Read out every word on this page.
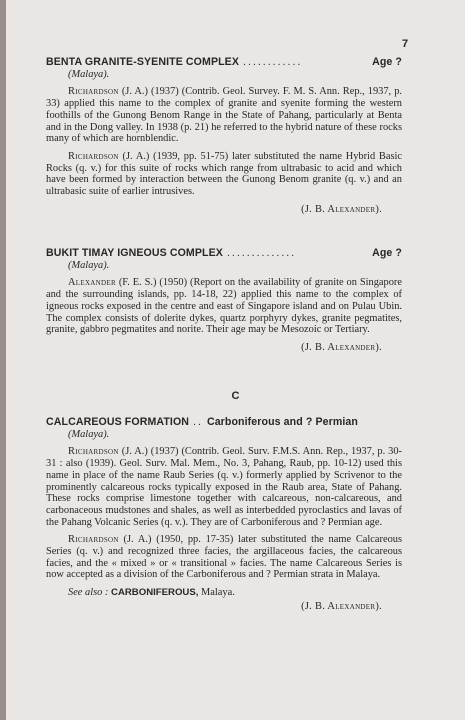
7
BENTA GRANITE-SYENITE COMPLEX ............	Age ?
(Malaya).

Richardson (J. A.) (1937) (Contrib. Geol. Survey. F. M. S. Ann. Rep., 1937, p. 33) applied this name to the complex of granite and syenite forming the western foothills of the Gunong Benom Range in the State of Pahang, particularly at Benta and in the Dong valley. In 1938 (p. 21) he referred to the hybrid nature of these rocks many of which are hornblendic.

Richardson (J. A.) (1939, pp. 51-75) later substituted the name Hybrid Basic Rocks (q. v.) for this suite of rocks which range from ultrabasic to acid and which have been formed by interaction between the Gunong Benom granite (q. v.) and an ultrabasic suite of earlier intrusives.

(J. B. Alexander).
BUKIT TIMAY IGNEOUS COMPLEX ..............	Age ?
(Malaya).

Alexander (F. E. S.) (1950) (Report on the availability of granite on Singapore and the surrounding islands, pp. 14-18, 22) applied this name to the complex of igneous rocks exposed in the centre and east of Singapore island and on Pulau Ubin. The complex consists of dolerite dykes, quartz porphyry dykes, granite pegmatites, granite, gabbro pegmatites and norite. Their age may be Mesozoic or Tertiary.

(J. B. Alexander).
C
CALCAREOUS FORMATION .. Carboniferous and ? Permian
(Malaya).

Richardson (J. A.) (1937) (Contrib. Geol. Surv. F.M.S. Ann. Rep., 1937, p. 30-31 : also (1939). Geol. Surv. Mal. Mem., No. 3, Pahang, Raub, pp. 10-12) used this name in place of the name Raub Series (q. v.) formerly applied by Scrivenor to the prominently calcareous rocks typically exposed in the Raub area, State of Pahang. These rocks comprise limestone together with calcareous, non-calcareous, and carbonaceous mudstones and shales, as well as interbedded pyroclastics and lavas of the Pahang Volcanic Series (q. v.). They are of Carboniferous and ? Permian age.

Richardson (J. A.) (1950, pp. 17-35) later substituted the name Calcareous Series (q. v.) and recognized three facies, the argillaceous facies, the calcareous facies, and the « mixed » or « transitional » facies. The name Calcareous Series is now accepted as a division of the Carboniferous and ? Permian strata in Malaya.

See also : CARBONIFEROUS, Malaya.
(J. B. Alexander).
